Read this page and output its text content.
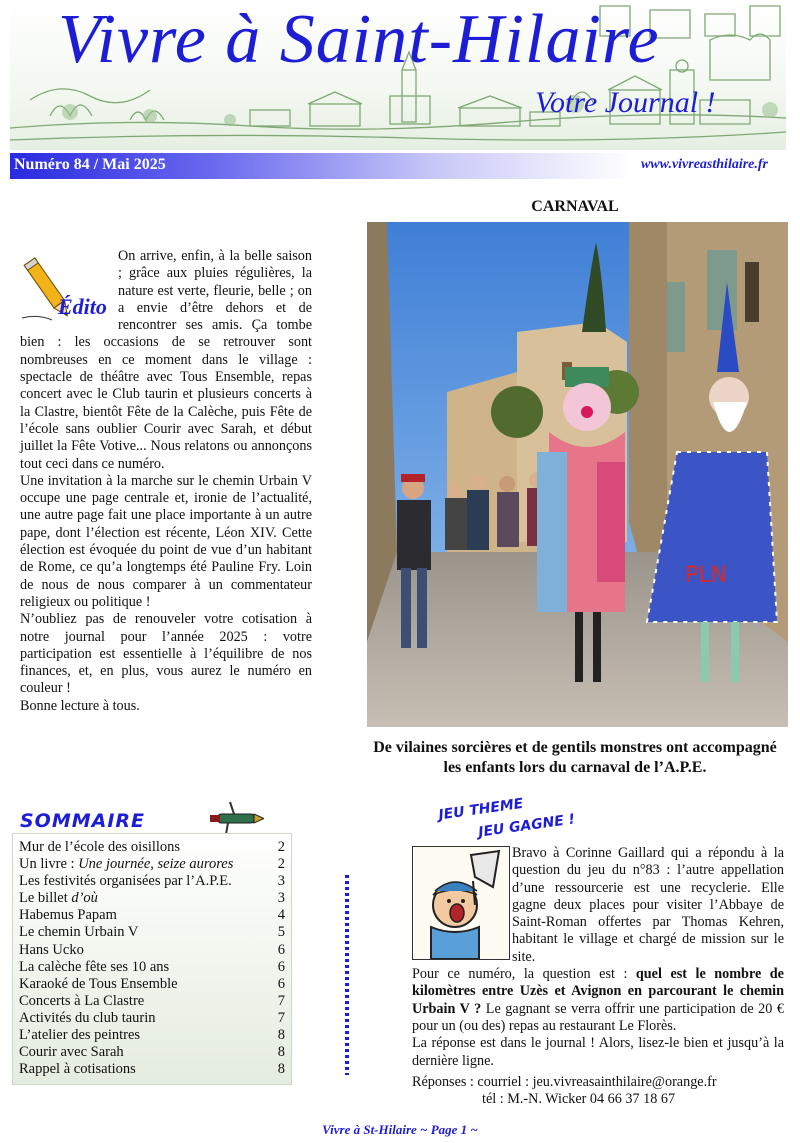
Vivre à Saint-Hilaire
Votre Journal !
Numéro 84 / Mai 2025	www.vivreasthilaire.fr
Édito

On arrive, enfin, à la belle saison ; grâce aux pluies régulières, la nature est verte, fleurie, belle ; on a envie d’être dehors et de rencontrer ses amis. Ça tombe bien : les occasions de se retrouver sont nombreuses en ce moment dans le village : spectacle de théâtre avec Tous Ensemble, repas concert avec le Club taurin et plusieurs concerts à la Clastre, bientôt Fête de la Calèche, puis Fête de l’école sans oublier Courir avec Sarah, et début juillet la Fête Votive... Nous relatons ou annonçons tout ceci dans ce numéro.

Une invitation à la marche sur le chemin Urbain V occupe une page centrale et, ironie de l’actualité, une autre page fait une place importante à un autre pape, dont l’élection est récente, Léon XIV. Cette élection est évoquée du point de vue d’un habitant de Rome, ce qu’a longtemps été Pauline Fry. Loin de nous de nous comparer à un commentateur religieux ou politique !

N’oubliez pas de renouveler votre cotisation à notre journal pour l’année 2025 : votre participation est essentielle à l’équilibre de nos finances, et, en plus, vous aurez le numéro en couleur !

Bonne lecture à tous.

CARNAVAL
PLN
De vilaines sorcières et de gentils monstres ont accompagné les enfants lors du carnaval de l’A.P.E.
SOMMAIRE
Mur de l’école des oisillons	2
Un livre : Une journée, seize aurores	2
Les festivités organisées par l’A.P.E.	3
Le billet d’où	3
Habemus Papam	4
Le chemin Urbain V	5
Hans Ucko	6
La calèche fête ses 10 ans	6
Karaoké de Tous Ensemble	6
Concerts à La Clastre	7
Activités du club taurin	7
L’atelier des peintres	8
Courir avec Sarah	8
Rappel à cotisations	8
JEU THEME
JEU GAGNE !

Bravo à Corinne Gaillard qui a répondu à la question du jeu du n°83 : l’autre appellation d’une ressourcerie est une recyclerie. Elle gagne deux places pour visiter l’Abbaye de Saint-Roman offertes par Thomas Kehren, habitant le village et chargé de mission sur le site.

Pour ce numéro, la question est : quel est le nombre de kilomètres entre Uzès et Avignon en parcourant le chemin Urbain V ? Le gagnant se verra offrir une participation de 20 € pour un (ou des) repas au restaurant Le Florès.

La réponse est dans le journal ! Alors, lisez-le bien et jusqu’à la dernière ligne.

Réponses : courriel : jeu.vivreasainthilaire@orange.fr
tél : M.-N. Wicker 04 66 37 18 67
Vivre à St-Hilaire ~ Page 1 ~
